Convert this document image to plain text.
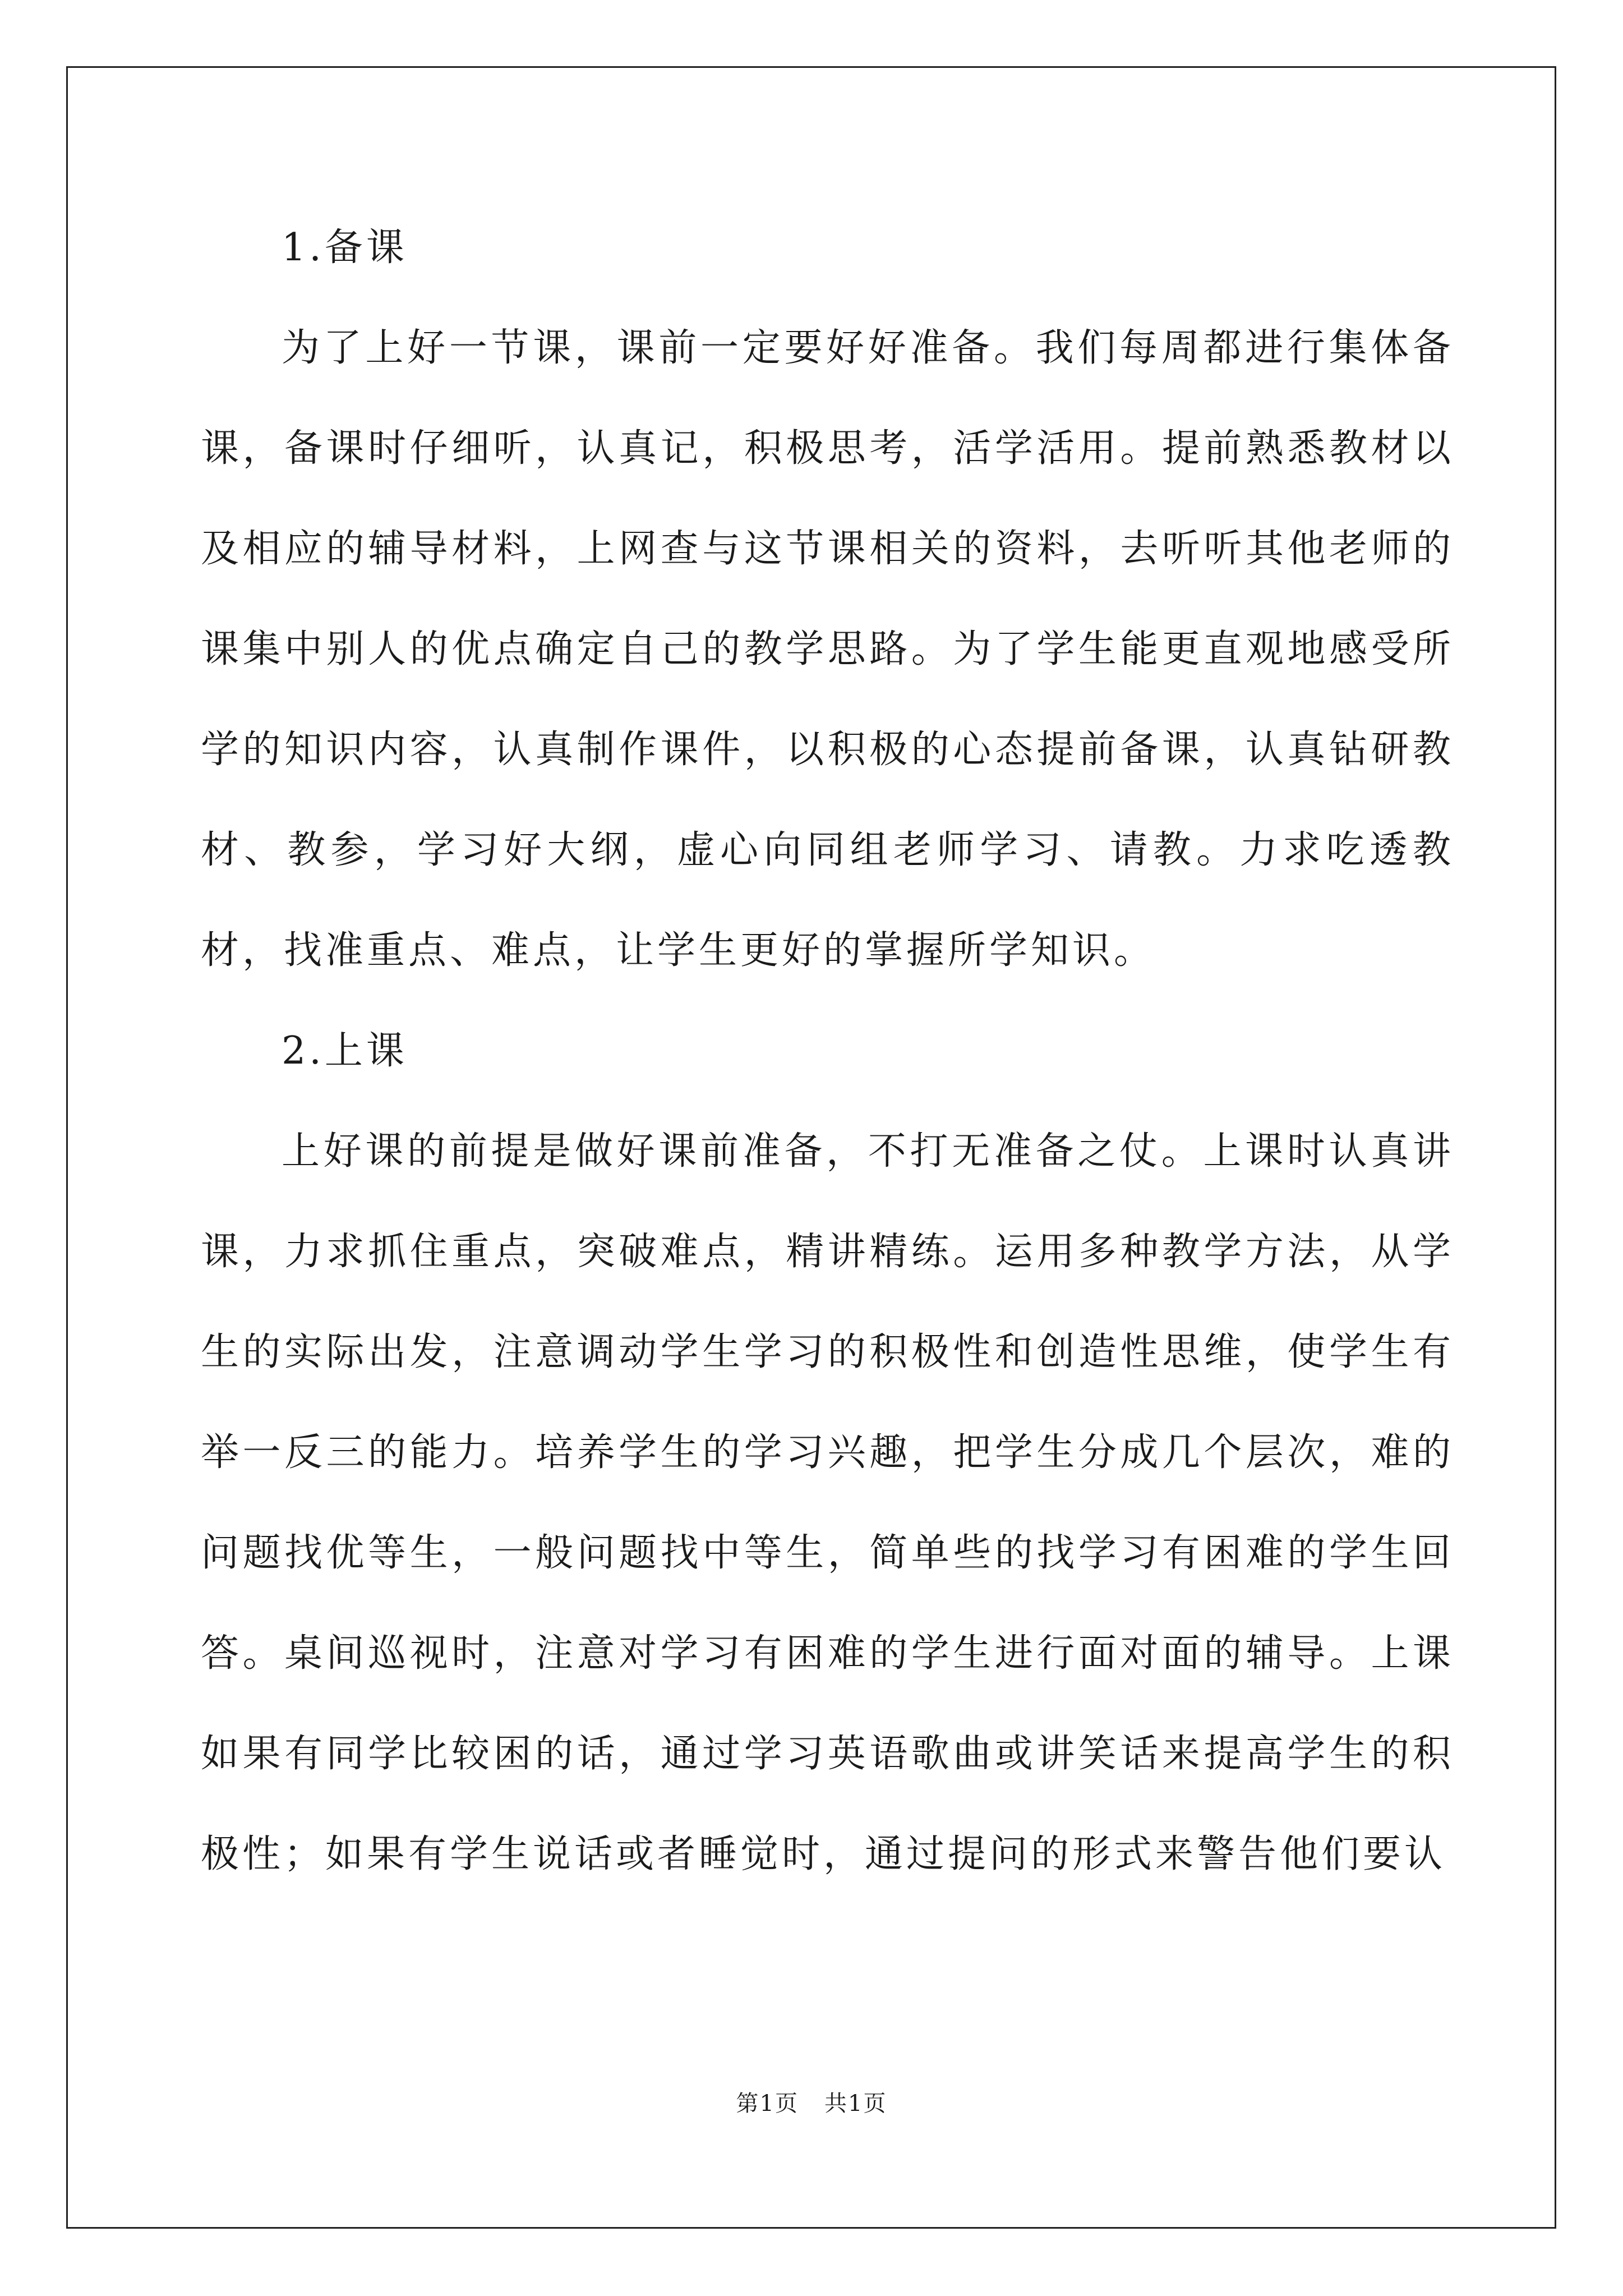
1.备课

为了上好一节课，课前一定要好好准备。我们每周都进行集体备课，备课时仔细听，认真记，积极思考，活学活用。提前熟悉教材以及相应的辅导材料，上网查与这节课相关的资料，去听听其他老师的课集中别人的优点确定自己的教学思路。为了学生能更直观地感受所学的知识内容，认真制作课件，以积极的心态提前备课，认真钻研教材、教参，学习好大纲，虚心向同组老师学习、请教。力求吃透教材，找准重点、难点，让学生更好的掌握所学知识。

2.上课

上好课的前提是做好课前准备，不打无准备之仗。上课时认真讲课，力求抓住重点，突破难点，精讲精练。运用多种教学方法，从学生的实际出发，注意调动学生学习的积极性和创造性思维，使学生有举一反三的能力。培养学生的学习兴趣，把学生分成几个层次，难的问题找优等生，一般问题找中等生，简单些的找学习有困难的学生回答。桌间巡视时，注意对学习有困难的学生进行面对面的辅导。上课如果有同学比较困的话，通过学习英语歌曲或讲笑话来提高学生的积极性；如果有学生说话或者睡觉时，通过提问的形式来警告他们要认

第1页 共1页
